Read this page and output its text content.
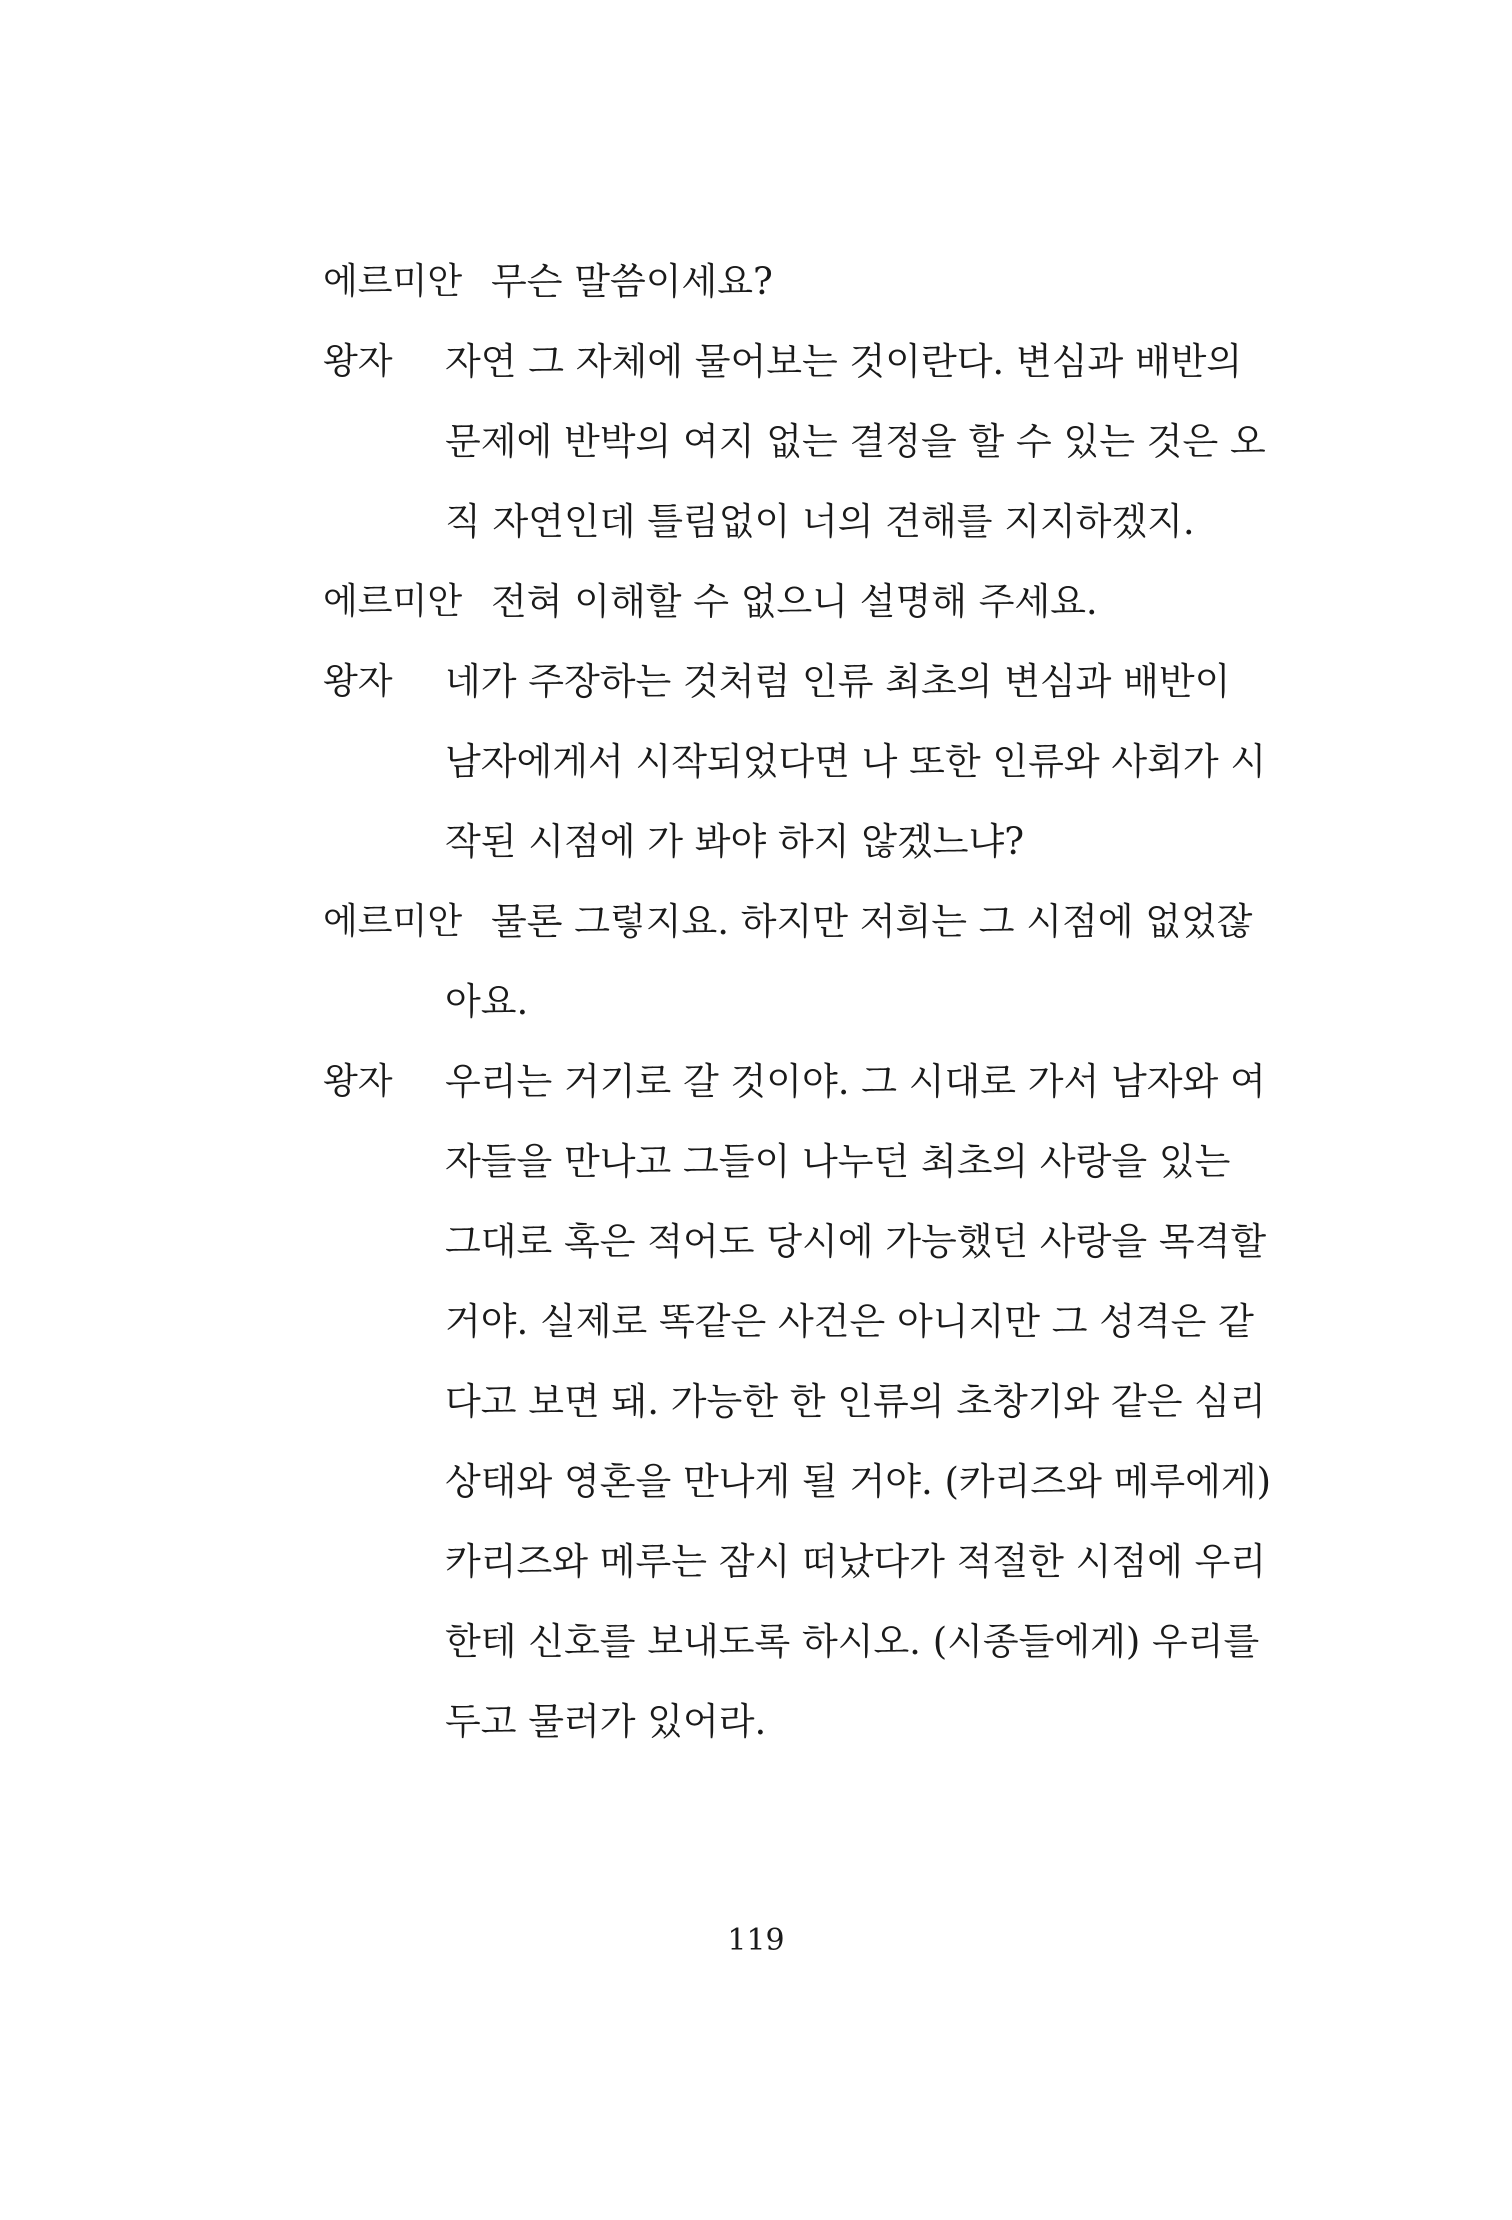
에르미안 무슨 말씀이세요?
왕자	자연 그 자체에 물어보는 것이란다. 변심과 배반의
문제에 반박의 여지 없는 결정을 할 수 있는 것은 오
직 자연인데 틀림없이 너의 견해를 지지하겠지.
에르미안 전혀 이해할 수 없으니 설명해 주세요.
왕자	네가 주장하는 것처럼 인류 최초의 변심과 배반이
남자에게서 시작되었다면 나 또한 인류와 사회가 시
작된 시점에 가 봐야 하지 않겠느냐?
에르미안 물론 그렇지요. 하지만 저희는 그 시점에 없었잖
아요.
왕자	우리는 거기로 갈 것이야. 그 시대로 가서 남자와 여
자들을 만나고 그들이 나누던 최초의 사랑을 있는
그대로 혹은 적어도 당시에 가능했던 사랑을 목격할
거야. 실제로 똑같은 사건은 아니지만 그 성격은 같
다고 보면 돼. 가능한 한 인류의 초창기와 같은 심리
상태와 영혼을 만나게 될 거야. (카리즈와 메루에게)
카리즈와 메루는 잠시 떠났다가 적절한 시점에 우리
한테 신호를 보내도록 하시오. (시종들에게) 우리를
두고 물러가 있어라.
119
